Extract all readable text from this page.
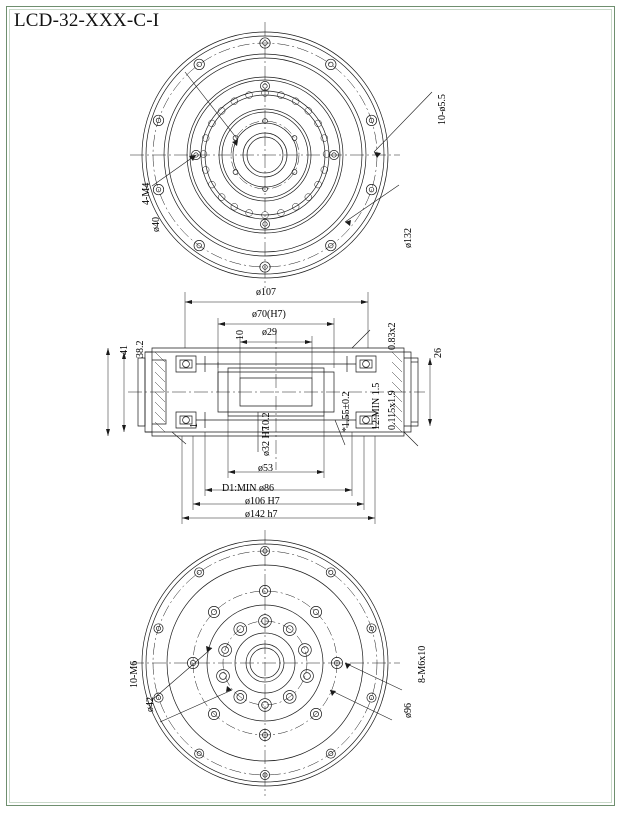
LCD-32-XXX-C-I
10-ø5.5
4-M4
ø40
ø132
ø107
ø70(H7)
ø29	0.83x2
10
41 38.2
1
26
0.115x1.9
12:MIN 1.5
10.2
ø32 H7
*1.55±0.2
ø53
D1:MIN ø86
ø106 H7
ø142 h7
10-M6
ø42
8-M6x10
ø96
